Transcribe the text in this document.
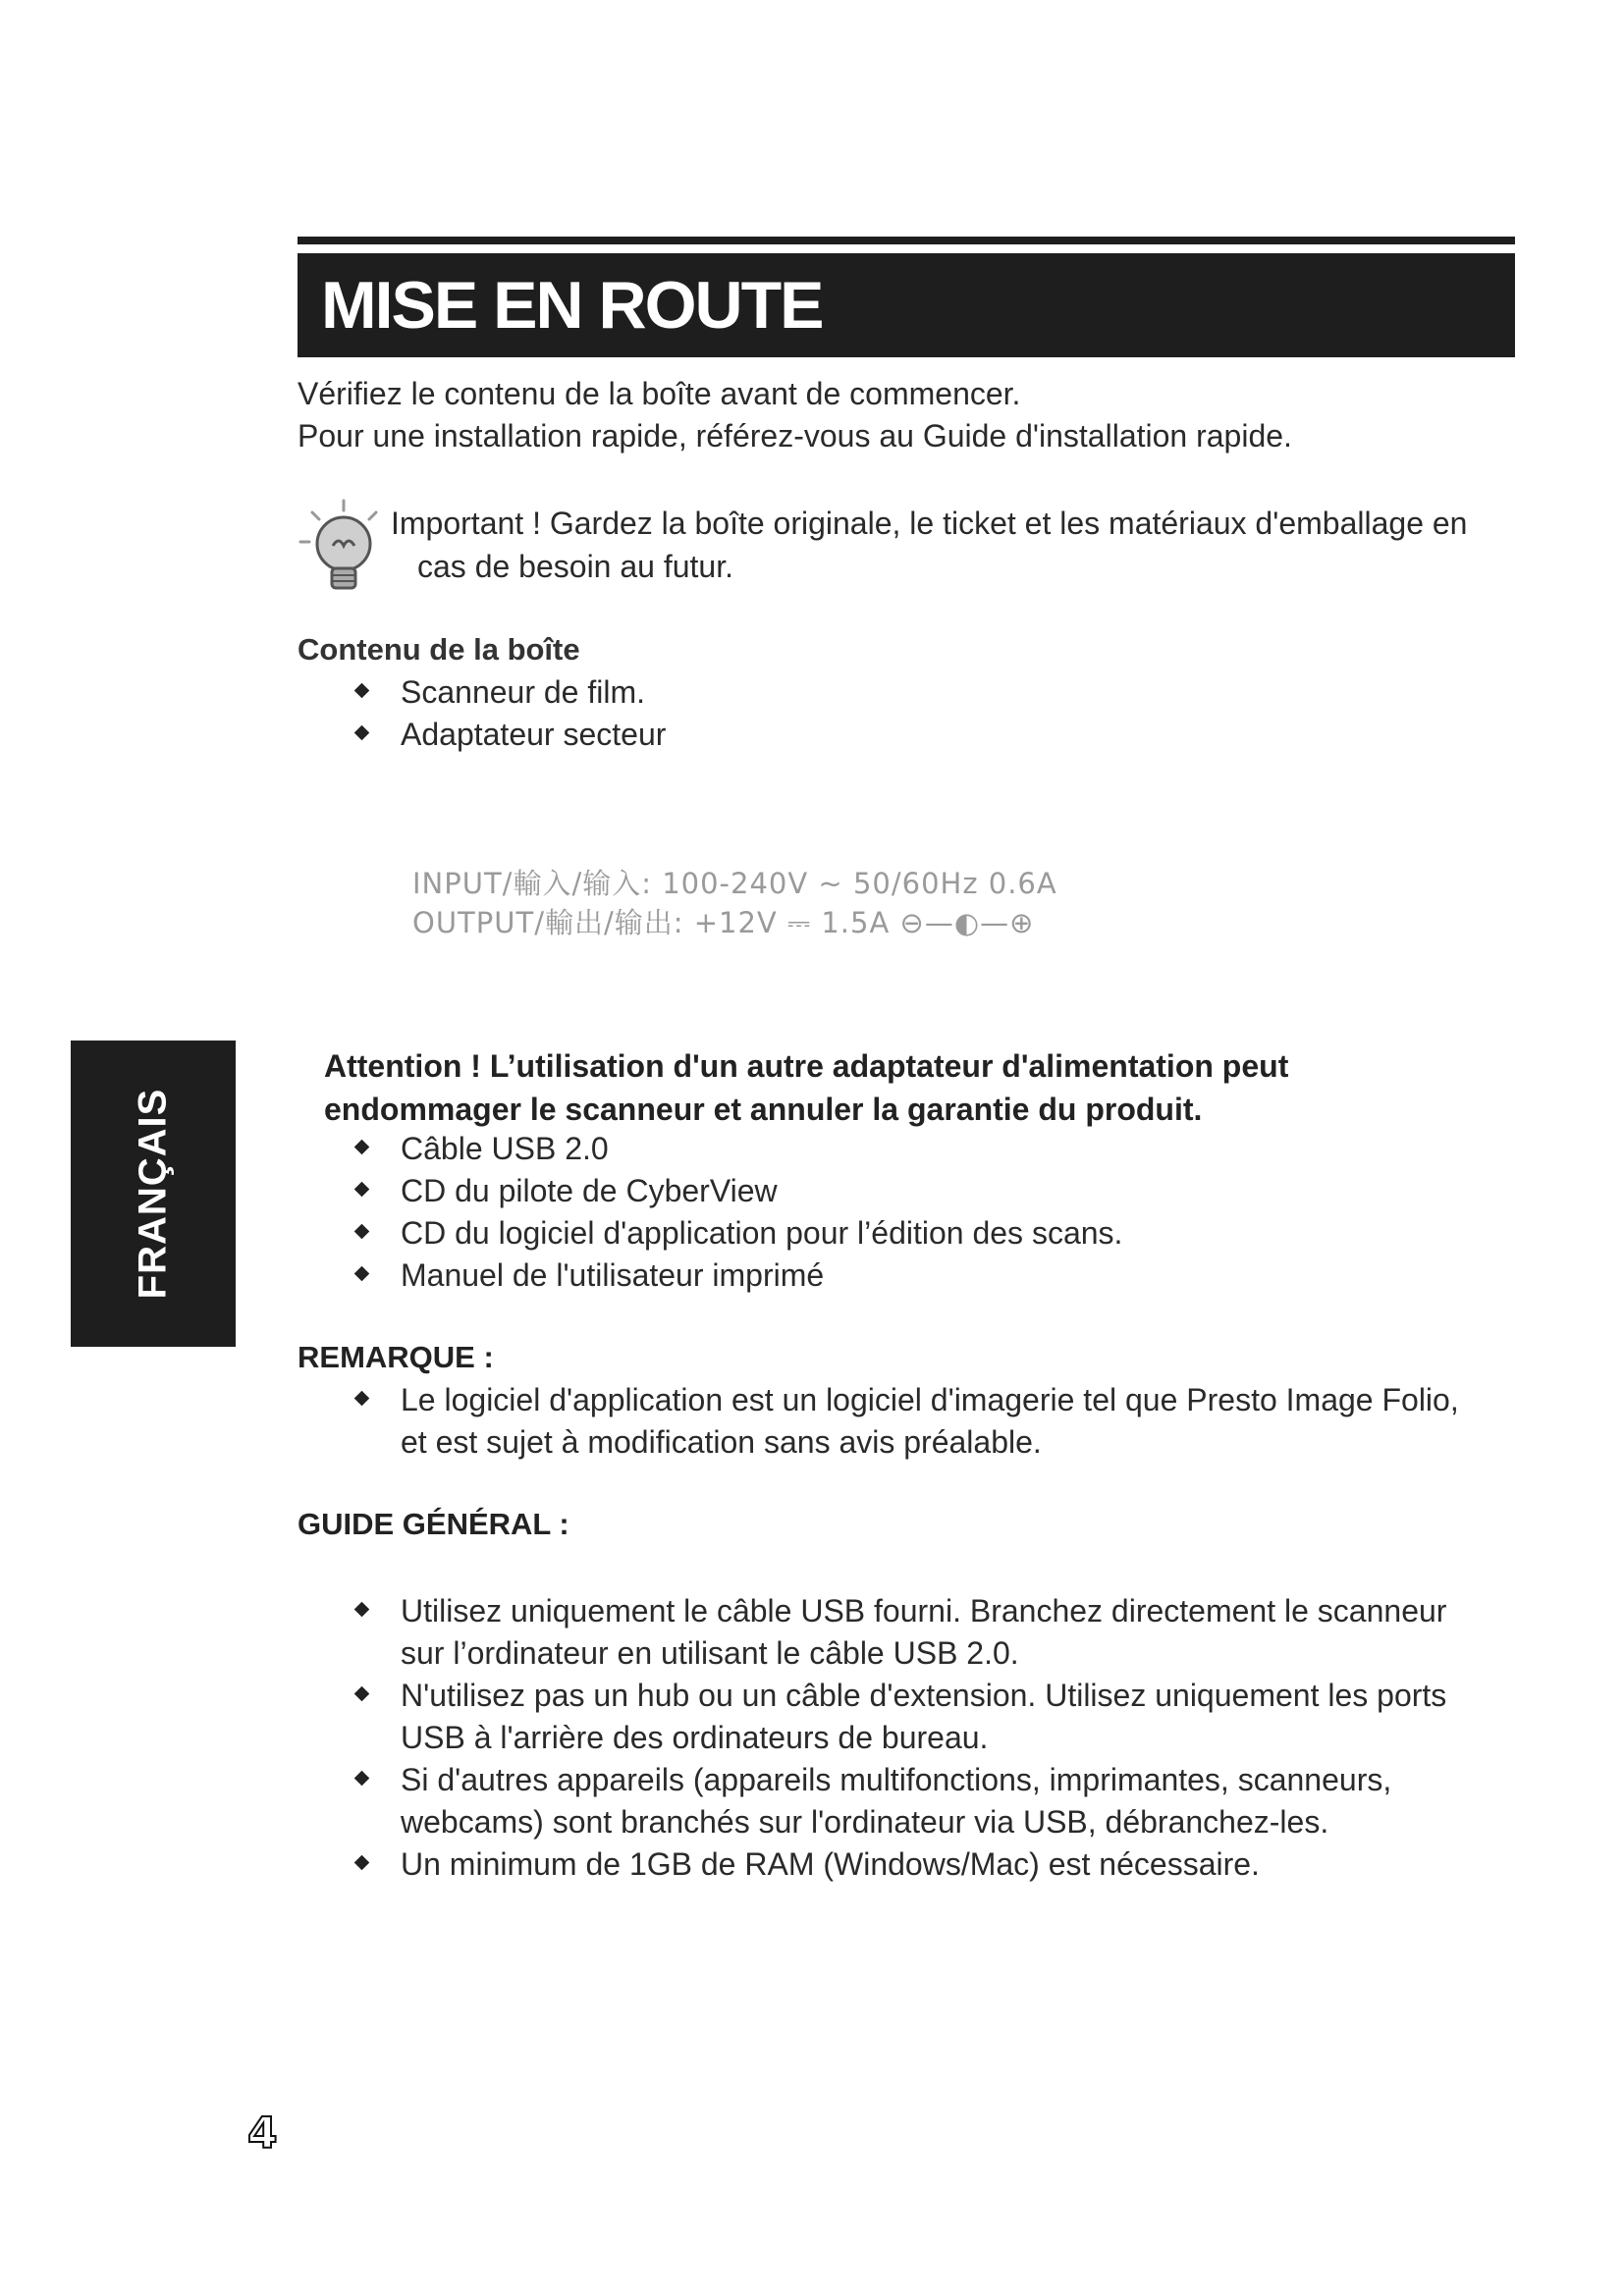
MISE EN ROUTE
Vérifiez le contenu de la boîte avant de commencer.
Pour une installation rapide, référez-vous au Guide d'installation rapide.
Important ! Gardez la boîte originale, le ticket et les matériaux d'emballage en
cas de besoin au futur.
Contenu de la boîte
Scanneur de film.
Adaptateur secteur
INPUT/輸入/输入: 100-240V ~ 50/60Hz 0.6A
OUTPUT/輸出/输出: +12V ⎓ 1.5A ⊖—◐—⊕
FRANÇAIS
Attention ! L’utilisation d'un autre adaptateur d'alimentation peut
endommager le scanneur et annuler la garantie du produit.
Câble USB 2.0
CD du pilote de CyberView
CD du logiciel d'application pour l’édition des scans.
Manuel de l'utilisateur imprimé
REMARQUE :
Le logiciel d'application est un logiciel d'imagerie tel que Presto Image Folio,
et est sujet à modification sans avis préalable.
GUIDE GÉNÉRAL :
Utilisez uniquement le câble USB fourni. Branchez directement le scanneur
sur l’ordinateur en utilisant le câble USB 2.0.
N'utilisez pas un hub ou un câble d'extension. Utilisez uniquement les ports
USB à l'arrière des ordinateurs de bureau.
Si d'autres appareils (appareils multifonctions, imprimantes, scanneurs,
webcams) sont branchés sur l'ordinateur via USB, débranchez-les.
Un minimum de 1GB de RAM (Windows/Mac) est nécessaire.
4
